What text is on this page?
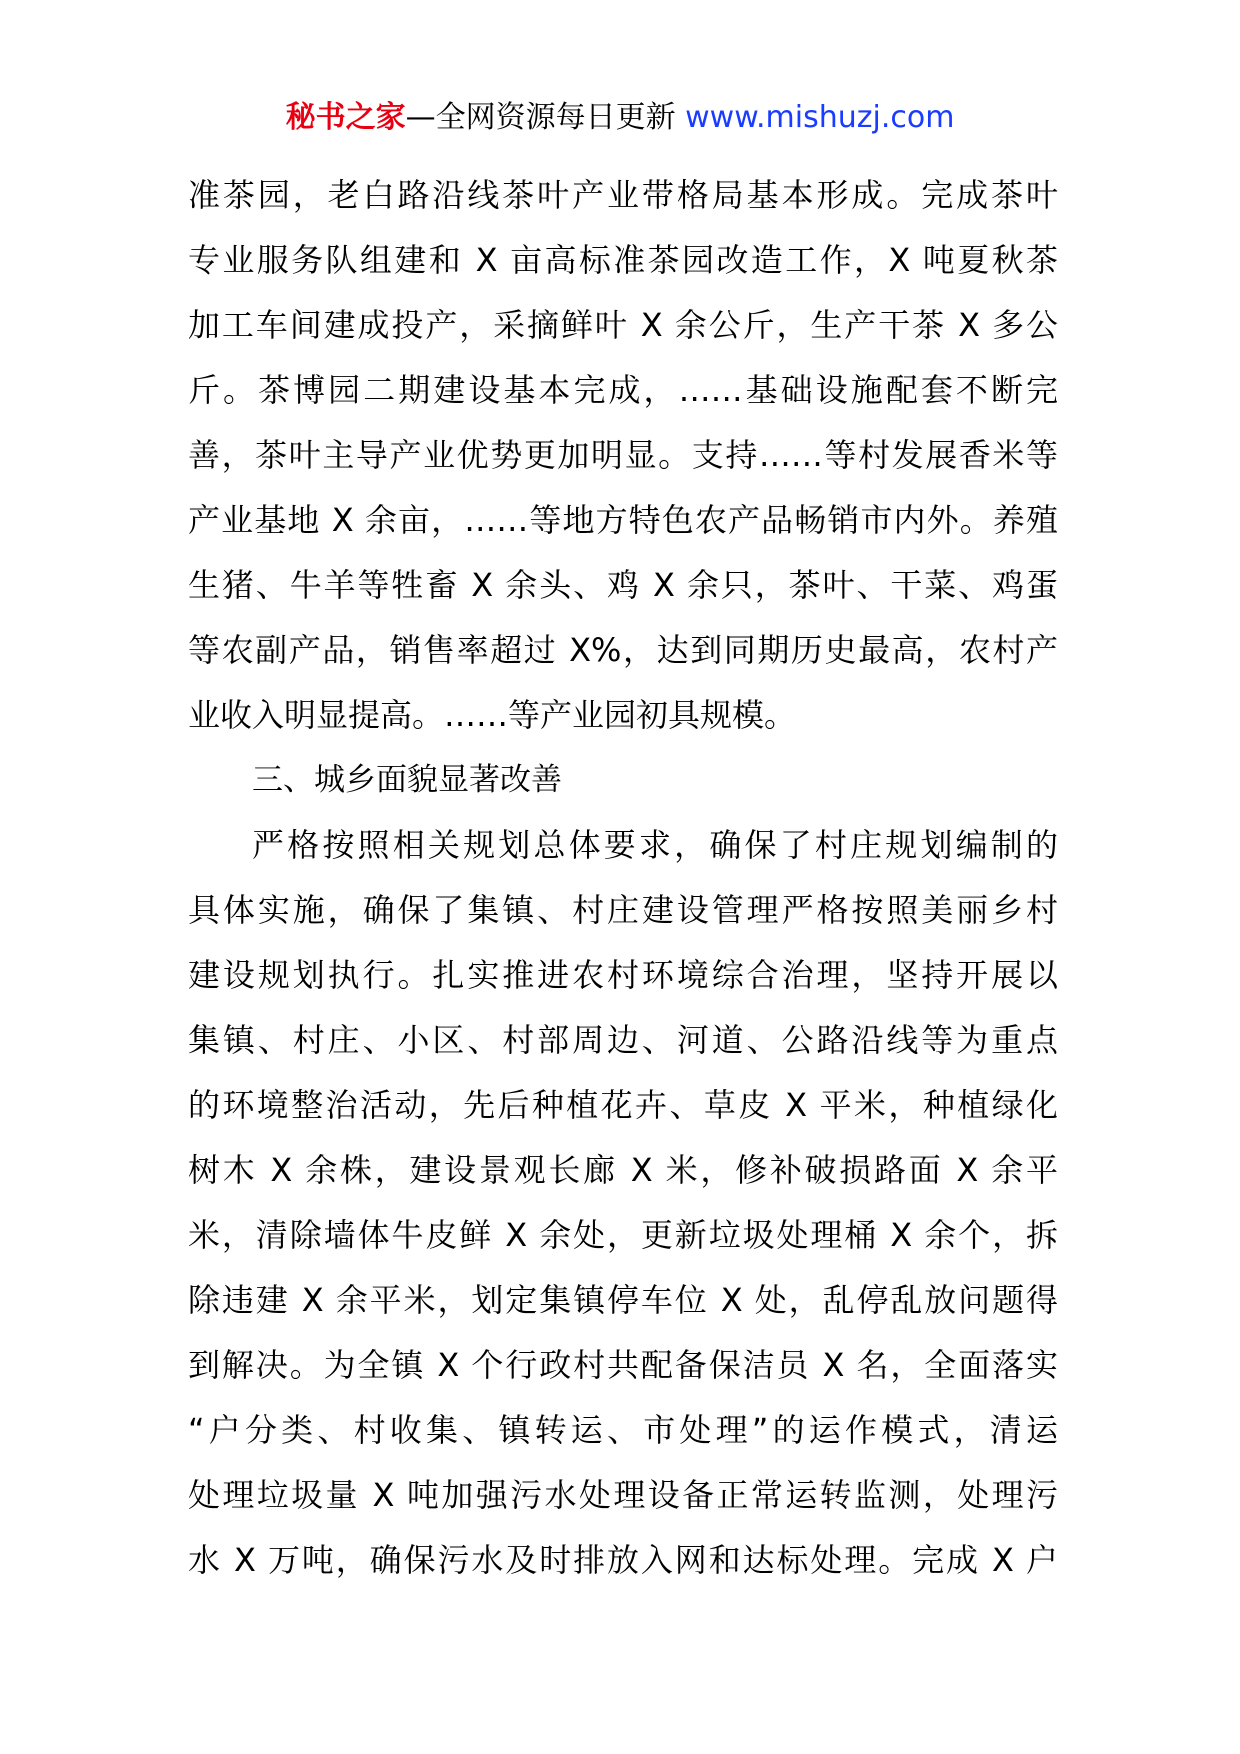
秘书之家—全网资源每日更新 www.mishuzj.com
准茶园，老白路沿线茶叶产业带格局基本形成。完成茶叶
专业服务队组建和 X 亩高标准茶园改造工作，X 吨夏秋茶
加工车间建成投产，采摘鲜叶 X 余公斤，生产干茶 X 多公
斤。茶博园二期建设基本完成，……基础设施配套不断完
善，茶叶主导产业优势更加明显。支持……等村发展香米等
产业基地 X 余亩，……等地方特色农产品畅销市内外。养殖
生猪、牛羊等牲畜 X 余头、鸡 X 余只，茶叶、干菜、鸡蛋
等农副产品，销售率超过 X%，达到同期历史最高，农村产
业收入明显提高。……等产业园初具规模。
三、城乡面貌显著改善
严格按照相关规划总体要求，确保了村庄规划编制的
具体实施，确保了集镇、村庄建设管理严格按照美丽乡村
建设规划执行。扎实推进农村环境综合治理，坚持开展以
集镇、村庄、小区、村部周边、河道、公路沿线等为重点
的环境整治活动，先后种植花卉、草皮 X 平米，种植绿化
树木 X 余株，建设景观长廊 X 米，修补破损路面 X 余平
米，清除墙体牛皮鲜 X 余处，更新垃圾处理桶 X 余个，拆
除违建 X 余平米，划定集镇停车位 X 处，乱停乱放问题得
到解决。为全镇 X 个行政村共配备保洁员 X 名，全面落实
“户分类、村收集、镇转运、市处理”的运作模式，清运
处理垃圾量 X 吨加强污水处理设备正常运转监测，处理污
水 X 万吨，确保污水及时排放入网和达标处理。完成 X 户
